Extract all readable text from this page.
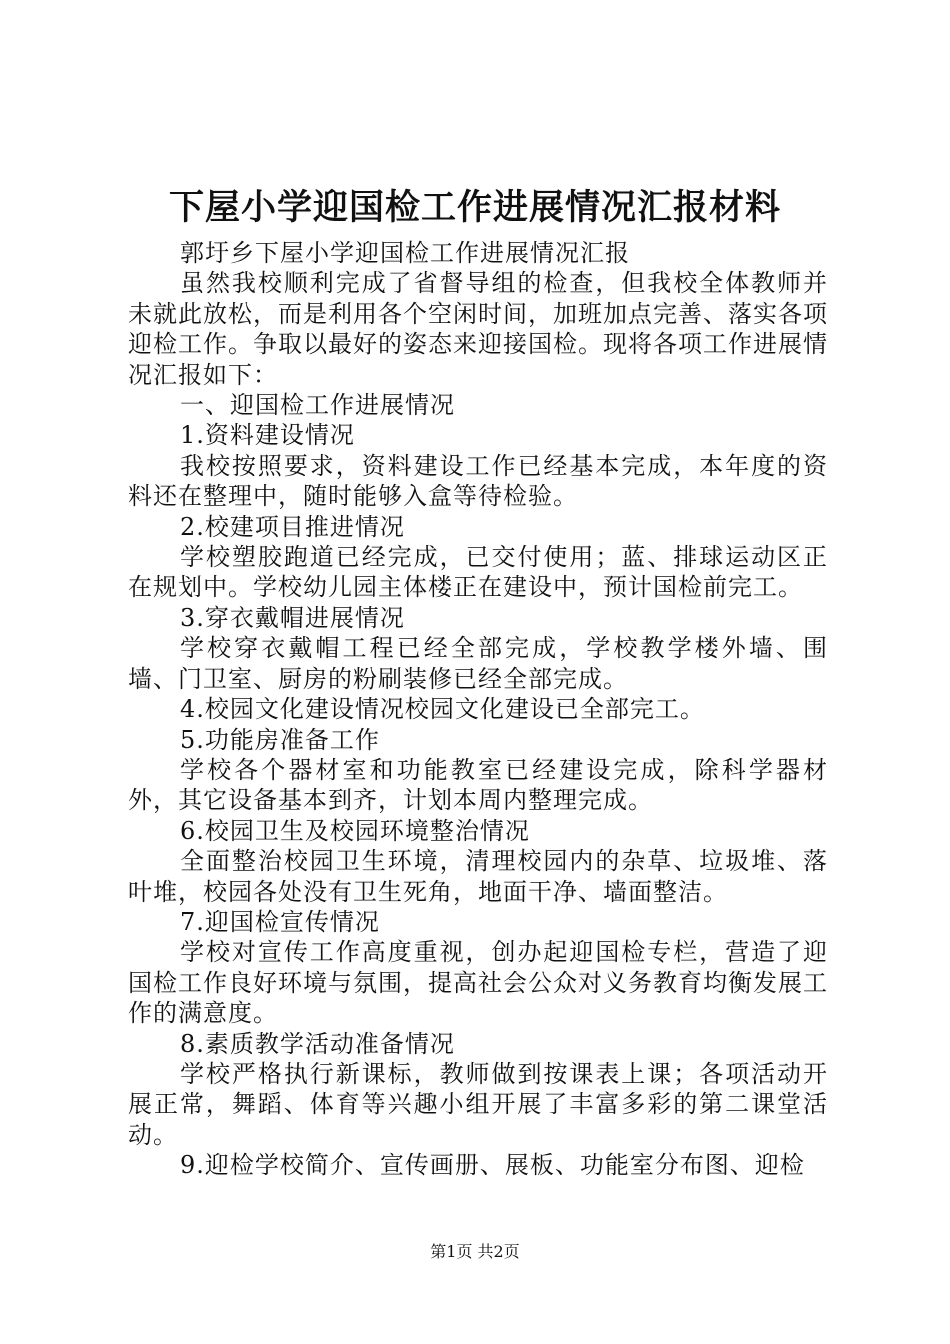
下屋小学迎国检工作进展情况汇报材料

郭圩乡下屋小学迎国检工作进展情况汇报

虽然我校顺利完成了省督导组的检查，但我校全体教师并未就此放松，而是利用各个空闲时间，加班加点完善、落实各项迎检工作。争取以最好的姿态来迎接国检。现将各项工作进展情况汇报如下：

一、迎国检工作进展情况

1.资料建设情况

我校按照要求，资料建设工作已经基本完成，本年度的资料还在整理中，随时能够入盒等待检验。

2.校建项目推进情况

学校塑胶跑道已经完成，已交付使用；蓝、排球运动区正在规划中。学校幼儿园主体楼正在建设中，预计国检前完工。

3.穿衣戴帽进展情况

学校穿衣戴帽工程已经全部完成，学校教学楼外墙、围墙、门卫室、厨房的粉刷装修已经全部完成。

4.校园文化建设情况校园文化建设已全部完工。

5.功能房准备工作

学校各个器材室和功能教室已经建设完成，除科学器材外，其它设备基本到齐，计划本周内整理完成。

6.校园卫生及校园环境整治情况

全面整治校园卫生环境，清理校园内的杂草、垃圾堆、落叶堆，校园各处没有卫生死角，地面干净、墙面整洁。

7.迎国检宣传情况

学校对宣传工作高度重视，创办起迎国检专栏，营造了迎国检工作良好环境与氛围，提高社会公众对义务教育均衡发展工作的满意度。

8.素质教学活动准备情况

学校严格执行新课标，教师做到按课表上课；各项活动开展正常，舞蹈、体育等兴趣小组开展了丰富多彩的第二课堂活动。

9.迎检学校简介、宣传画册、展板、功能室分布图、迎检

第1页 共2页
